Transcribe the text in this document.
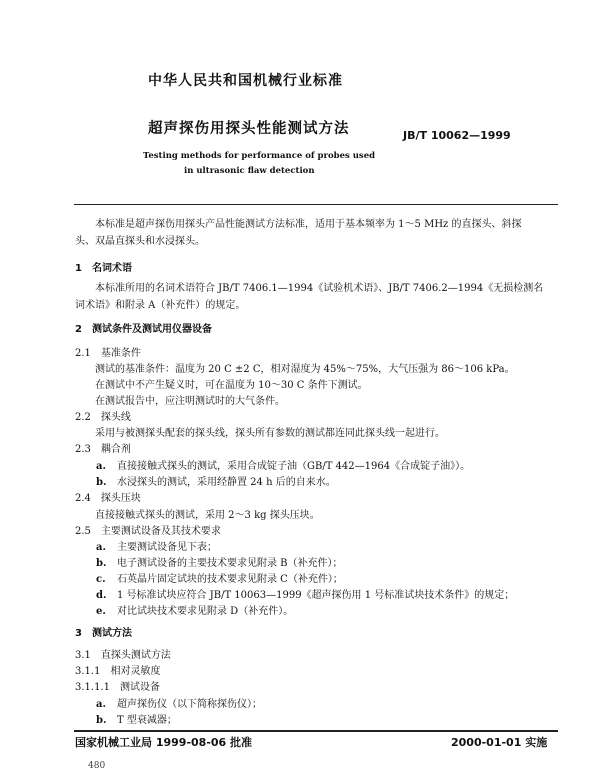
中华人民共和国机械行业标准
超声探伤用探头性能测试方法	JB/T 10062—1999
Testing methods for performance of probes used
in ultrasonic flaw detection
本标准是超声探伤用探头产品性能测试方法标准，适用于基本频率为 1～5 MHz 的直探头、斜探
头、双晶直探头和水浸探头。
1　名词术语
本标准所用的名词术语符合 JB/T 7406.1—1994《试验机术语》、JB/T 7406.2—1994《无损检测名
词术语》和附录 A（补充件）的规定。
2　测试条件及测试用仪器设备
2.1　基准条件
测试的基准条件：温度为 20 C ±2 C，相对湿度为 45%～75%，大气压强为 86～106 kPa。
在测试中不产生疑义时，可在温度为 10～30 C 条件下测试。
在测试报告中，应注明测试时的大气条件。
2.2　探头线
采用与被测探头配套的探头线，探头所有参数的测试都连同此探头线一起进行。
2.3　耦合剂
a. 直接接触式探头的测试，采用合成锭子油（GB/T 442—1964《合成锭子油》）。
b. 水浸探头的测试，采用经静置 24 h 后的自来水。
2.4　探头压块
直接接触式探头的测试，采用 2～3 kg 探头压块。
2.5　主要测试设备及其技术要求
a. 主要测试设备见下表；
b. 电子测试设备的主要技术要求见附录 B（补充件）；
c. 石英晶片固定试块的技术要求见附录 C（补充件）；
d. 1 号标准试块应符合 JB/T 10063—1999《超声探伤用 1 号标准试块技术条件》的规定；
e. 对比试块技术要求见附录 D（补充件）。
3　测试方法
3.1　直探头测试方法
3.1.1　相对灵敏度
3.1.1.1　测试设备
a. 超声探伤仪（以下简称探伤仪）；
b. T 型衰减器；
国家机械工业局 1999-08-06 批准	2000-01-01 实施
480
